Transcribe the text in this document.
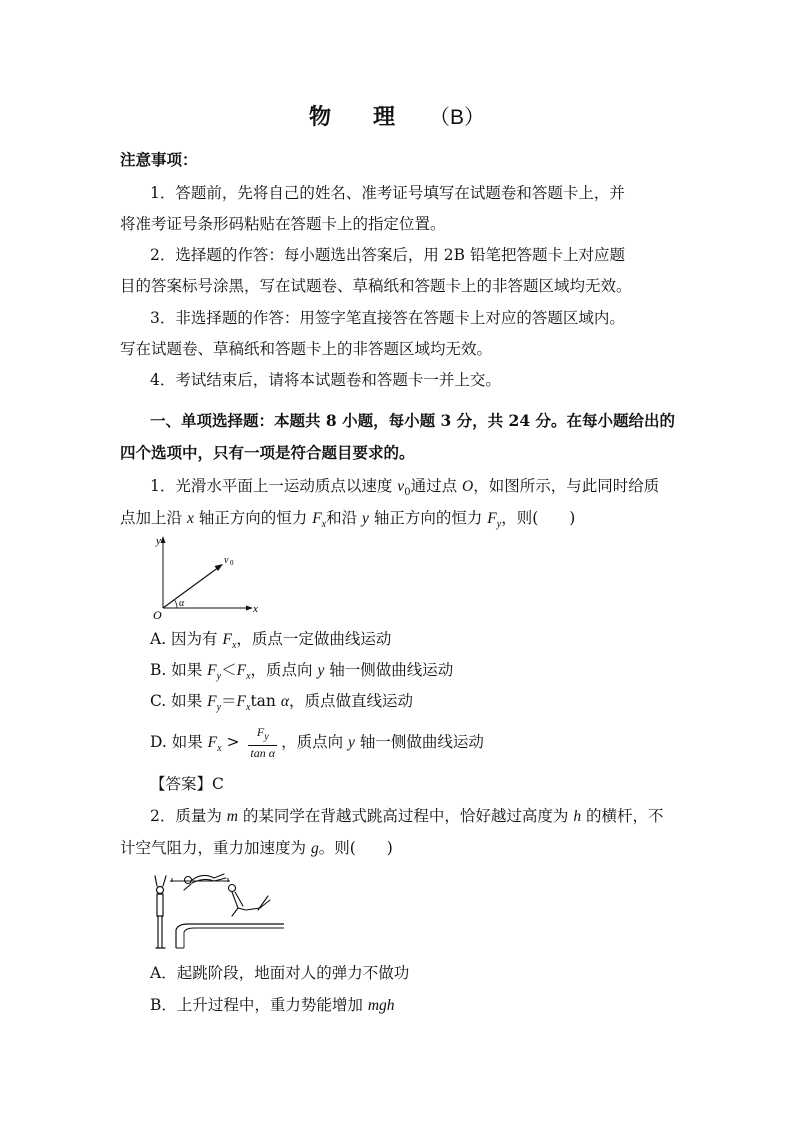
物 理 （B）
注意事项：
1．答题前，先将自己的姓名、准考证号填写在试题卷和答题卡上，并
将准考证号条形码粘贴在答题卡上的指定位置。
2．选择题的作答：每小题选出答案后，用 2B 铅笔把答题卡上对应题
目的答案标号涂黑，写在试题卷、草稿纸和答题卡上的非答题区域均无效。
3．非选择题的作答：用签字笔直接答在答题卡上对应的答题区域内。
写在试题卷、草稿纸和答题卡上的非答题区域均无效。
4．考试结束后，请将本试题卷和答题卡一并上交。
一、单项选择题：本题共 8 小题，每小题 3 分，共 24 分。在每小题给出的
四个选项中，只有一项是符合题目要求的。
1．光滑水平面上一运动质点以速度 $v_0$通过点 O，如图所示，与此同时给质
点加上沿 x 轴正方向的恒力 $F_x$和沿 y 轴正方向的恒力 $F_y$，则(　　)
y
x
O
v 0
α
A. 因为有 $F_x$，质点一定做曲线运动
B. 如果 $F_y<F_x$，质点向 y 轴一侧做曲线运动
C. 如果 $F_y=F_x\tan$ α，质点做直线运动
D. 如果 $F_x > \frac{F_y}{\text{tan α}}$ ，质点向 y 轴一侧做曲线运动
【答案】C
2．质量为 m 的某同学在背越式跳高过程中，恰好越过高度为 h 的横杆，不
计空气阻力，重力加速度为 g。则(　　)
A．起跳阶段，地面对人的弹力不做功
B．上升过程中，重力势能增加 mgh
